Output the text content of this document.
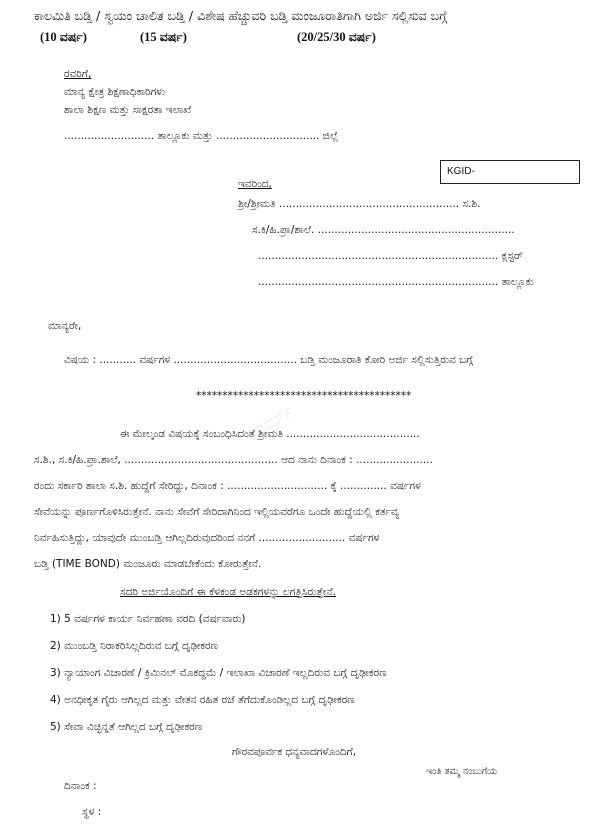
ಕಾಲಮಿತಿ ಬಡ್ತಿ / ಸ್ವಯಂ ಚಾಲಿತ ಬಡ್ತಿ / ವಿಶೇಷ ಹೆಚ್ಚುವರಿ ಬಡ್ತಿ ಮಂಜೂರಾತಿಗಾಗಿ ಅರ್ಜಿ ಸಲ್ಲಿಸುವ ಬಗ್ಗೆ
(10 ವರ್ಷ)	(15 ವರ್ಷ)	(20/25/30 ವರ್ಷ)
ರವರಿಗೆ,
ಮಾನ್ಯ ಕ್ಷೇತ್ರ ಶಿಕ್ಷಣಾಧಿಕಾರಿಗಳು
ಶಾಲಾ ಶಿಕ್ಷಣ ಮತ್ತು ಸಾಕ್ಷರತಾ ಇಲಾಖೆ
........................... ತಾಲ್ಲೂಕು ಮತ್ತು ............................... ಜಿಲ್ಲೆ
KGID-
ಇವರಿಂದ,
ಶ್ರೀ/ಶ್ರೀಮತಿ ...................................................... ಸ.ಶಿ.
ಸ.ಕಿ/ಹಿ.ಪ್ರಾ/ಶಾಲೆ. ...........................................................
........................................................................ ಕ್ಲಸ್ಟರ್
........................................................................ ತಾಲ್ಲೂಕು
ಮಾನ್ಯರೇ,
ವಿಷಯ : ........... ವರ್ಷಗಳ ..................................... ಬಡ್ತಿ ಮಂಜೂರಾತಿ ಕೋರಿ ಅರ್ಜಿ ಸಲ್ಲಿಸುತ್ತಿರುವ ಬಗ್ಗೆ
*****************************************
ಫಾರ್ಮ್
ಈ ಮೇಲ್ಕಂಡ ವಿಷಯಕ್ಕೆ ಸಂಬಂಧಿಸಿದಂತೆ ಶ್ರೀಮತಿ ........................................
ಸ.ಶಿ., ಸ.ಕಿ/ಹಿ.ಪ್ರಾ.ಶಾಲೆ, .............................................. ಆದ ನಾನು ದಿನಾಂಕ : .......................
ರಂದು ಸರ್ಕಾರಿ ಶಾಲಾ ಸ.ಶಿ. ಹುದ್ದೆಗೆ ಸೇರಿದ್ದು, ದಿನಾಂಕ : .............................. ಕ್ಕೆ .............. ವರ್ಷಗಳ
ಸೇವೆಯನ್ನು ಪೂರ್ಣಗೊಳಿಸಿರುತ್ತೇನೆ. ನಾನು ಸೇವೆಗೆ ಸೇರಿದಾಗಿನಿಂದ ಇಲ್ಲಿಯವರೆಗೂ ಒಂದೇ ಹುದ್ದೆಯಲ್ಲಿ ಕರ್ತವ್ಯ
ನಿರ್ವಹಿಸುತ್ತಿದ್ದು, ಯಾವುದೇ ಮುಂಬಡ್ತಿ ಆಗಿಲ್ಲದಿರುವುದರಿಂದ ನನಗೆ .......................... ವರ್ಷಗಳ
ಬಡ್ತಿ (TIME BOND) ಮಂಜೂರು ಮಾಡಬೇಕೆಂದು ಕೋರುತ್ತೇನೆ.
ಸದರಿ ಅರ್ಜಿಯೊಂದಿಗೆ ಈ ಕೆಳಕಂಡ ಅಡಕಗಳನ್ನು ಲಗತ್ತಿಸಿರುತ್ತೇನೆ.
1) 5 ವರ್ಷಗಳ ಕಾರ್ಯ ನಿರ್ವಹಣಾ ವರದಿ (ವರ್ಷವಾರು)
2) ಮುಂಬಡ್ತಿ ನಿರಾಕರಿಸಿಲ್ಲದಿರುವ ಬಗ್ಗೆ ದೃಢೀಕರಣ
3) ನ್ಯಾಯಾಂಗ ವಿಚಾರಣೆ / ಕ್ರಿಮಿನಲ್ ಮೊಕದ್ದಮೆ / ಇಲಾಖಾ ವಿಚಾರಣೆ ಇಲ್ಲದಿರುವ ಬಗ್ಗೆ ದೃಢೀಕರಣ
4) ಅನಧೀಕೃತ ಗೈರು ಆಗಿಲ್ಲದ ಮತ್ತು ವೇತನ ರಹಿತ ರಜೆ ತೆಗೆದುಕೊಂಡಿಲ್ಲದ ಬಗ್ಗೆ ದೃಢೀಕರಣ
5) ಸೇವಾ ವಿಚ್ಛಿನ್ನತೆ ಆಗಿಲ್ಲದ ಬಗ್ಗೆ ದೃಢೀಕರಣ
ಗೌರವಪೂರ್ವಕ ಧನ್ಯವಾದಗಳೊಂದಿಗೆ,
ಇಂತಿ ತಮ್ಮ ನಂಬುಗೆಯ
ದಿನಾಂಕ :
ಸ್ಥಳ :
